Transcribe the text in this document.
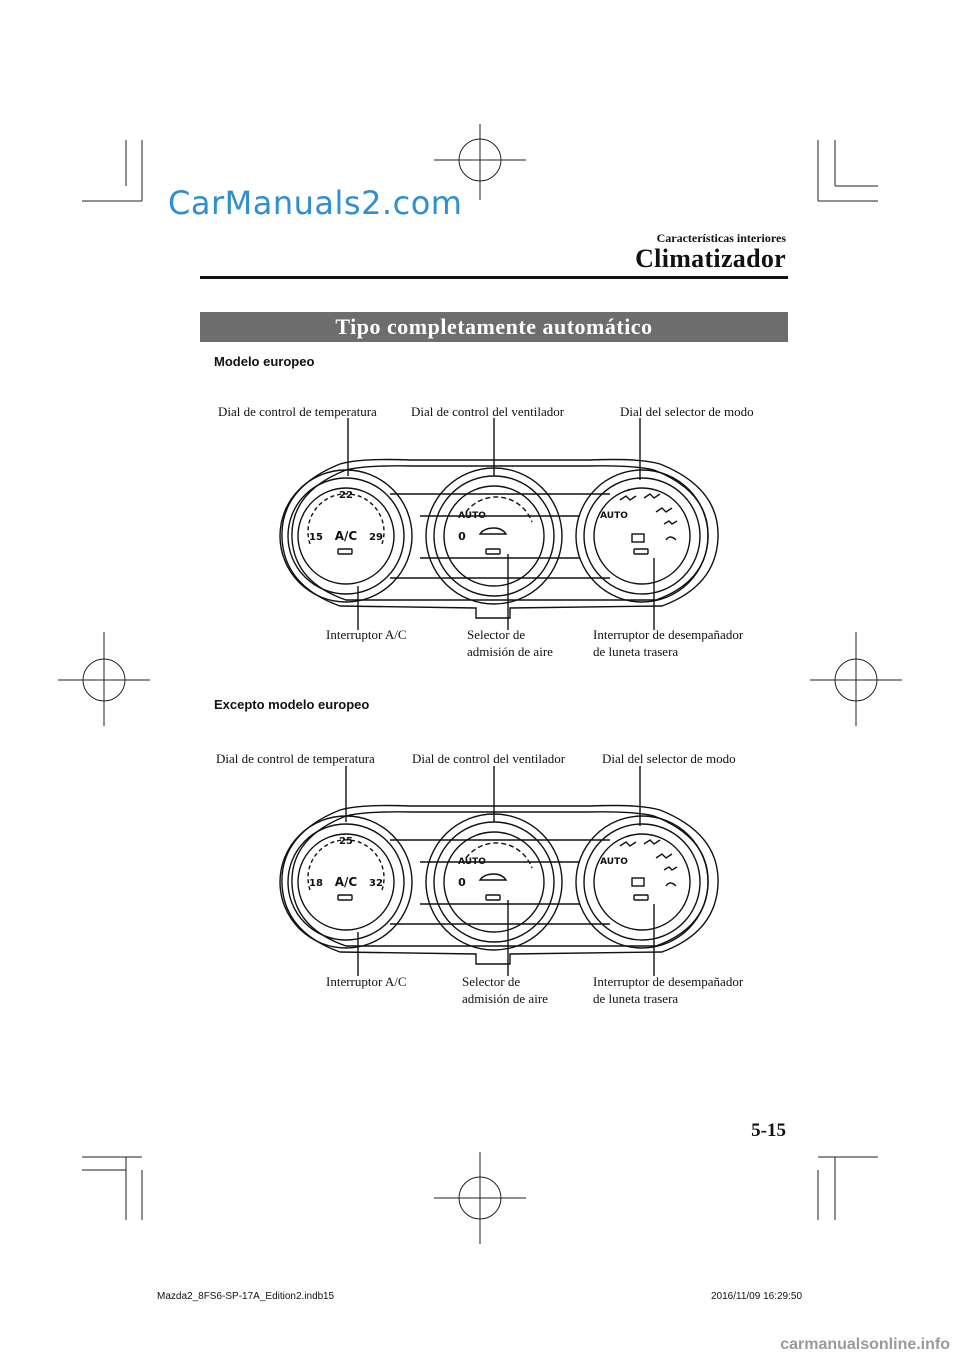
CarManuals2.com
Características interiores
Climatizador
Tipo completamente automático
Modelo europeo
Dial de control de temperatura	Dial de control del ventilador	Dial del selector de modo
Interruptor A/C	Selector de
admisión de aire
Interruptor de desempañador
de luneta trasera
22
15	29
A/C
AUTO
0
AUTO
Excepto modelo europeo
Dial de control de temperatura	Dial de control del ventilador	Dial del selector de modo
Interruptor A/C	Selector de
admisión de aire
Interruptor de desempañador
de luneta trasera
25
18	32
A/C
AUTO
0
AUTO
5-15
Mazda2_8FS6-SP-17A_Edition2.indb 15	2016/11/09 16:29:50
carmanualsonline.info
